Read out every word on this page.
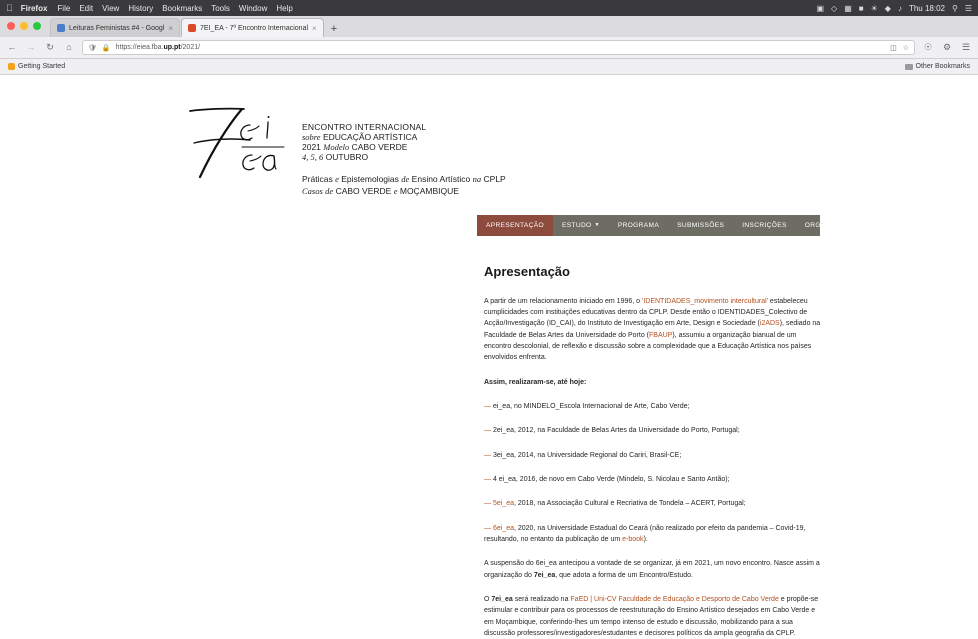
Firefox File Edit View History Bookmarks Tools Window Help	▣ ◇ ▦ ■ ☀ ◆ ♪ Thu 18:02 ⚲ ☰
Leituras Feministas #4 - Googl ×	7EI_EA - 7º Encontro Internacional ×	+
← → ↻	⌂	🛡 🔒 https://eiea.fba.up.pt/2021/	◫ ☆ ☉ ⚙ ☰
Getting Started	Other Bookmarks
ENCONTRO INTERNACIONAL
sobre EDUCAÇÃO ARTÍSTICA
2021 Modelo CABO VERDE
4, 5, 6 OUTUBRO
Práticas e Epistemologias de Ensino Artístico na CPLP
Casos de CABO VERDE e MOÇAMBIQUE
APRESENTAÇÃO	ESTUDO ▼	PROGRAMA	SUBMISSÕES	INSCRIÇÕES	ORGANIZAÇÃO	APOIO
Apresentação

A partir de um relacionamento iniciado em 1996, o 'IDENTIDADES_movimento intercultural' estabeleceu cumplicidades com instituições educativas dentro da CPLP. Desde então o IDENTIDADES_Colectivo de Acção/Investigação (ID_CAI), do Instituto de Investigação em Arte, Design e Sociedade (i2ADS), sediado na Faculdade de Belas Artes da Universidade do Porto (FBAUP), assumiu a organização bianual de um encontro descolonial, de reflexão e discussão sobre a complexidade que a Educação Artística nos países envolvidos enfrenta.

Assim, realizaram-se, até hoje:

— ei_ea, no MINDELO_Escola Internacional de Arte, Cabo Verde;

— 2ei_ea, 2012, na Faculdade de Belas Artes da Universidade do Porto, Portugal;

— 3ei_ea, 2014, na Universidade Regional do Cariri, Brasil-CE;

— 4 ei_ea, 2016, de novo em Cabo Verde (Mindelo, S. Nicolau e Santo Antão);

— 5ei_ea, 2018, na Associação Cultural e Recriativa de Tondela – ACERT, Portugal;

— 6ei_ea, 2020, na Universidade Estadual do Ceará (não realizado por efeito da pandemia – Covid-19, resultando, no entanto da publicação de um e-book).

A suspensão do 6ei_ea antecipou a vontade de se organizar, já em 2021, um novo encontro. Nasce assim a organização do 7ei_ea, que adota a forma de um Encontro/Estudo.

O 7ei_ea será realizado na FaED | Uni-CV Faculdade de Educação e Desporto de Cabo Verde e propõe-se estimular e contribuir para os processos de reestruturação do Ensino Artístico desejados em Cabo Verde e em Moçambique, conferindo-lhes um tempo intenso de estudo e discussão, mobilizando para a sua discussão professores/investigadores/estudantes e decisores políticos da ampla geografia da CPLP.
